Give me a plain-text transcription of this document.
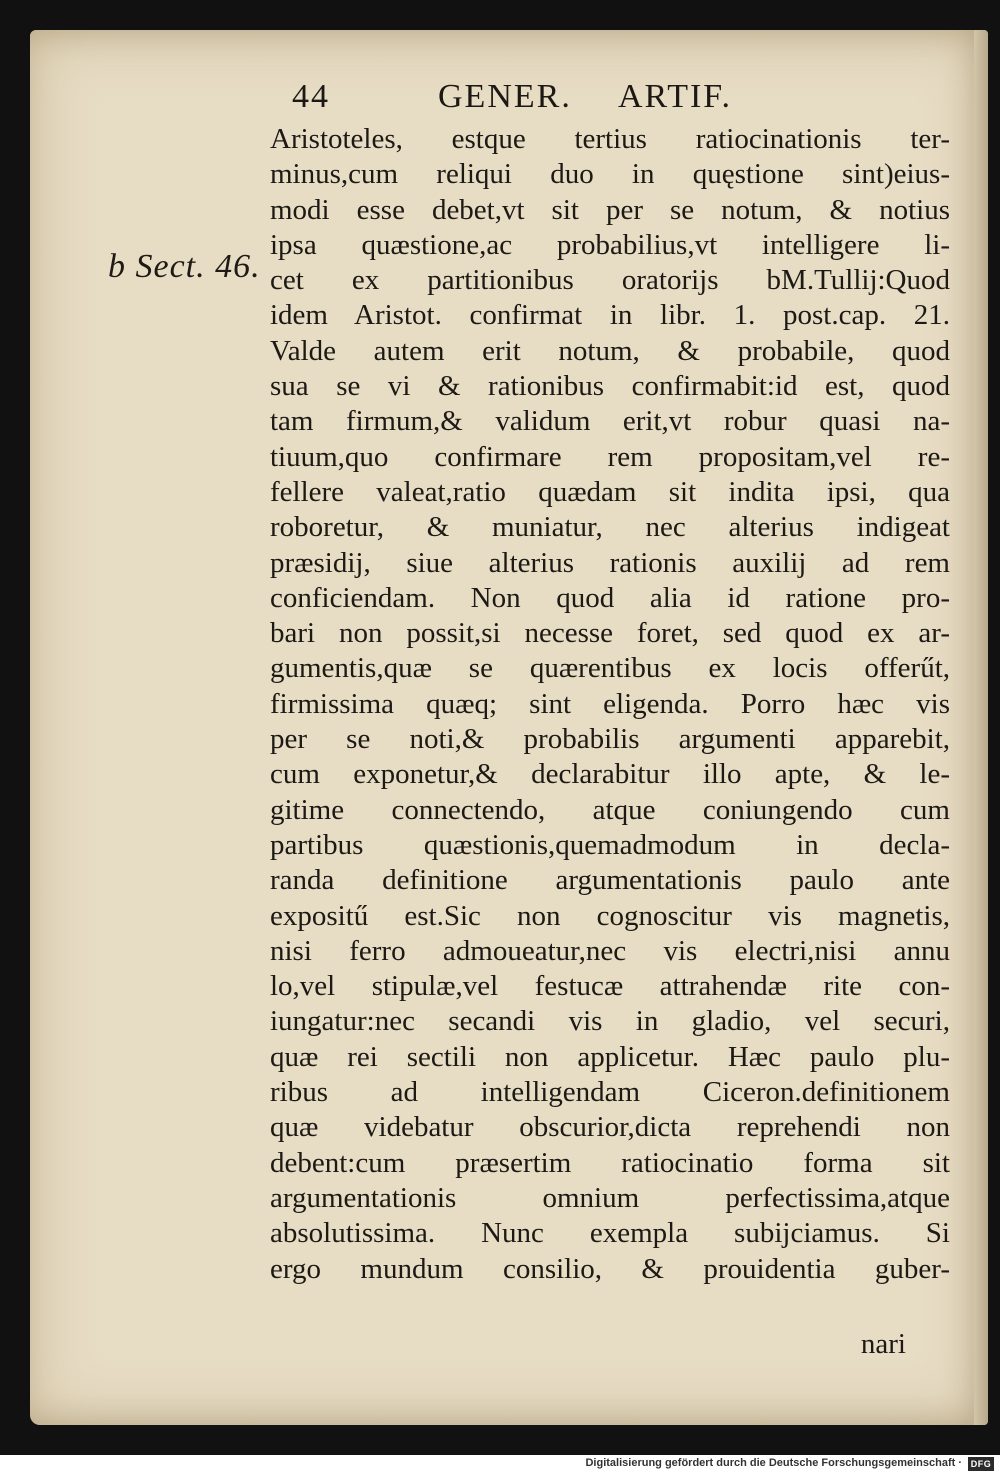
44	GENER. ARTIF.
b Sect. 46.
Aristoteles, estque tertius ratiocinationis ter-
minus,cum reliqui duo in quęstione sint)eius-
modi esse debet,vt sit per se notum, & notius
ipsa quæstione,ac probabilius,vt intelligere li-
cet ex partitionibus oratorijs bM.Tullij:Quod
idem Aristot. confirmat in libr. 1. post.cap. 21.
Valde autem erit notum, & probabile, quod
sua se vi & rationibus confirmabit:id est, quod
tam firmum,& validum erit,vt robur quasi na-
tiuum,quo confirmare rem propositam,vel re-
fellere valeat,ratio quædam sit indita ipsi, qua
roboretur, & muniatur, nec alterius indigeat
præsidij, siue alterius rationis auxilij ad rem
conficiendam. Non quod alia id ratione pro-
bari non possit,si necesse foret, sed quod ex ar-
gumentis,quæ se quærentibus ex locis offerűt,
firmissima quæq; sint eligenda. Porro hæc vis
per se noti,& probabilis argumenti apparebit,
cum exponetur,& declarabitur illo apte, & le-
gitime connectendo, atque coniungendo cum
partibus quæstionis,quemadmodum in decla-
randa definitione argumentationis paulo ante
expositű est.Sic non cognoscitur vis magnetis,
nisi ferro admoueatur,nec vis electri,nisi annu
lo,vel stipulæ,vel festucæ attrahendæ rite con-
iungatur:nec secandi vis in gladio, vel securi,
quæ rei sectili non applicetur. Hæc paulo plu-
ribus ad intelligendam Ciceron.definitionem
quæ videbatur obscurior,dicta reprehendi non
debent:cum præsertim ratiocinatio forma sit
argumentationis omnium perfectissima,atque
absolutissima. Nunc exempla subijciamus. Si
ergo mundum consilio, & prouidentia guber-
nari
Digitalisierung gefördert durch die Deutsche Forschungsgemeinschaft · DFG
